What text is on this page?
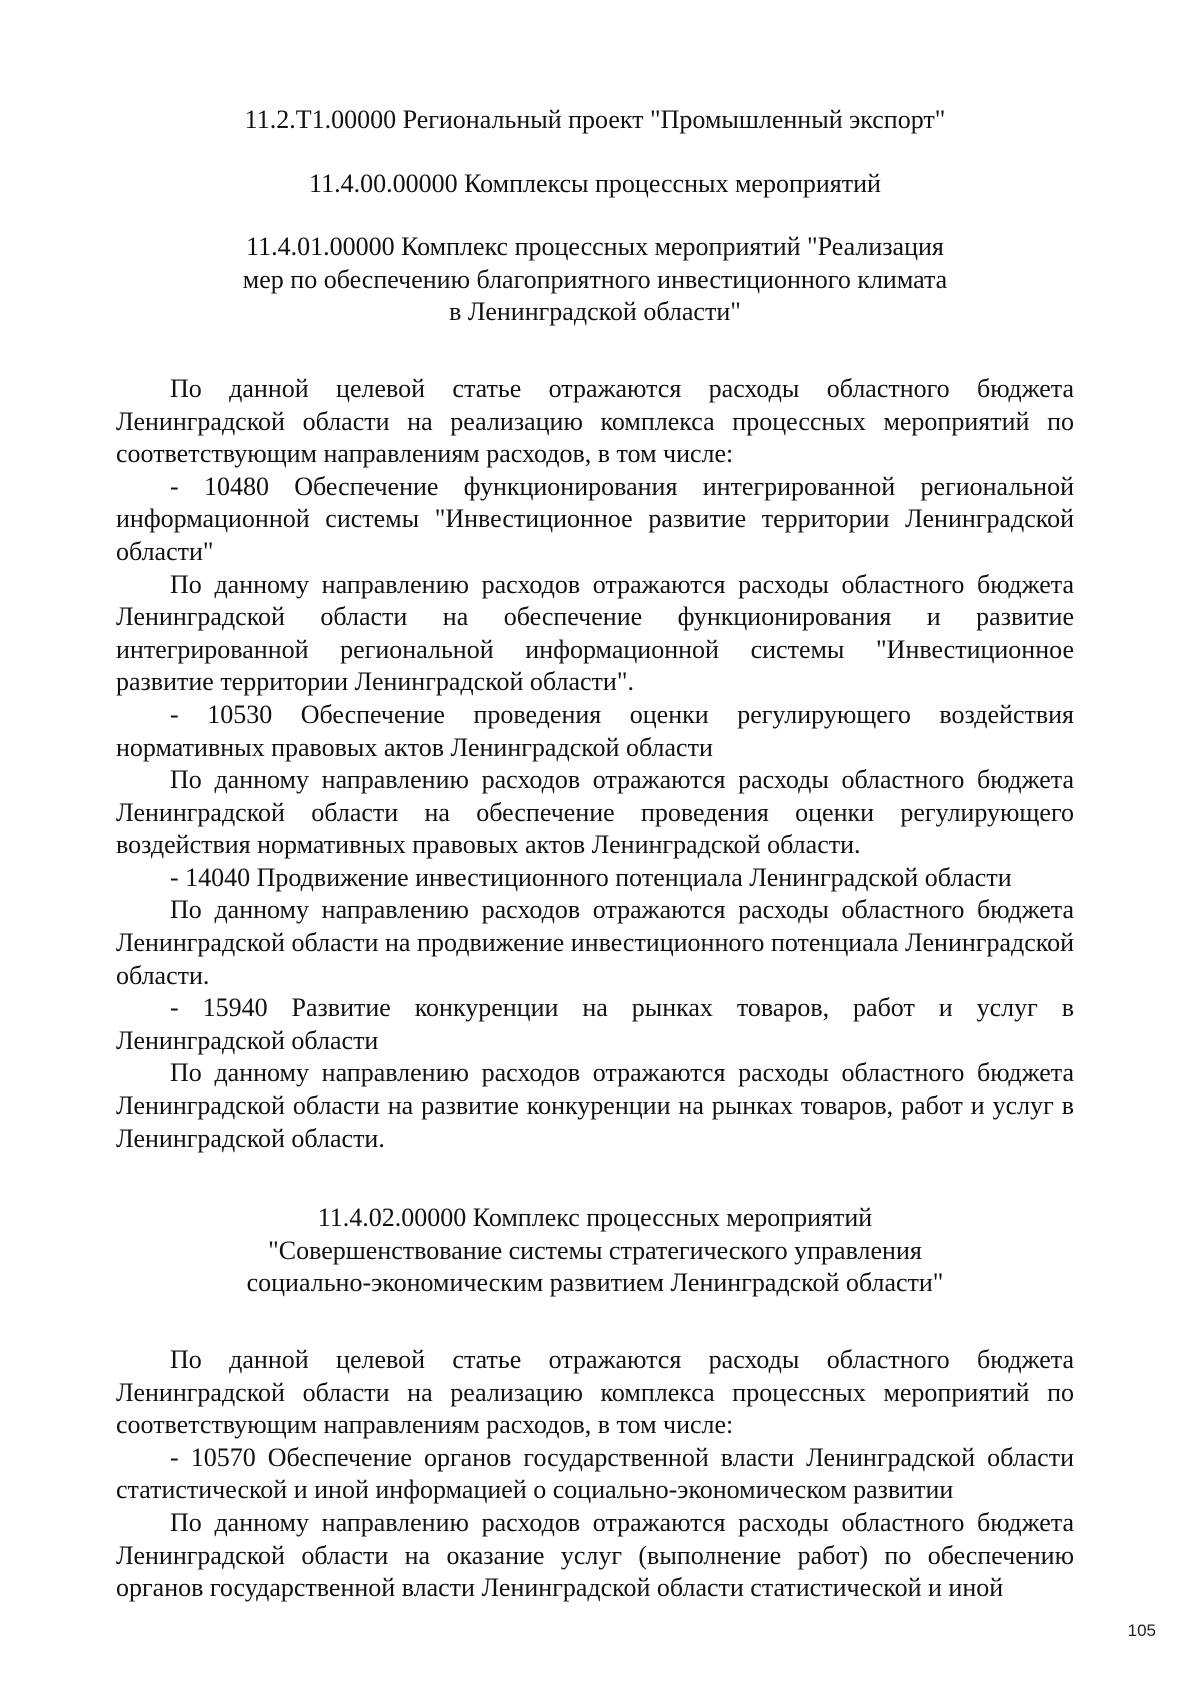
11.2.Т1.00000 Региональный проект "Промышленный экспорт"

11.4.00.00000 Комплексы процессных мероприятий

11.4.01.00000 Комплекс процессных мероприятий "Реализация

мер по обеспечению благоприятного инвестиционного климата

в Ленинградской области"

По данной целевой статье отражаются расходы областного бюджета Ленинградской области на реализацию комплекса процессных мероприятий по соответствующим направлениям расходов, в том числе:

- 10480 Обеспечение функционирования интегрированной региональной информационной системы "Инвестиционное развитие территории Ленинградской области"

По данному направлению расходов отражаются расходы областного бюджета Ленинградской области на обеспечение функционирования и развитие интегрированной региональной информационной системы "Инвестиционное развитие территории Ленинградской области".

- 10530 Обеспечение проведения оценки регулирующего воздействия нормативных правовых актов Ленинградской области

По данному направлению расходов отражаются расходы областного бюджета Ленинградской области на обеспечение проведения оценки регулирующего воздействия нормативных правовых актов Ленинградской области.

- 14040 Продвижение инвестиционного потенциала Ленинградской области

По данному направлению расходов отражаются расходы областного бюджета Ленинградской области на продвижение инвестиционного потенциала Ленинградской области.

- 15940 Развитие конкуренции на рынках товаров, работ и услуг в Ленинградской области

По данному направлению расходов отражаются расходы областного бюджета Ленинградской области на развитие конкуренции на рынках товаров, работ и услуг в Ленинградской области.

11.4.02.00000 Комплекс процессных мероприятий

"Совершенствование системы стратегического управления

социально-экономическим развитием Ленинградской области"

По данной целевой статье отражаются расходы областного бюджета Ленинградской области на реализацию комплекса процессных мероприятий по соответствующим направлениям расходов, в том числе:

- 10570 Обеспечение органов государственной власти Ленинградской области статистической и иной информацией о социально-экономическом развитии

По данному направлению расходов отражаются расходы областного бюджета Ленинградской области на оказание услуг (выполнение работ) по обеспечению органов государственной власти Ленинградской области статистической и иной

105
